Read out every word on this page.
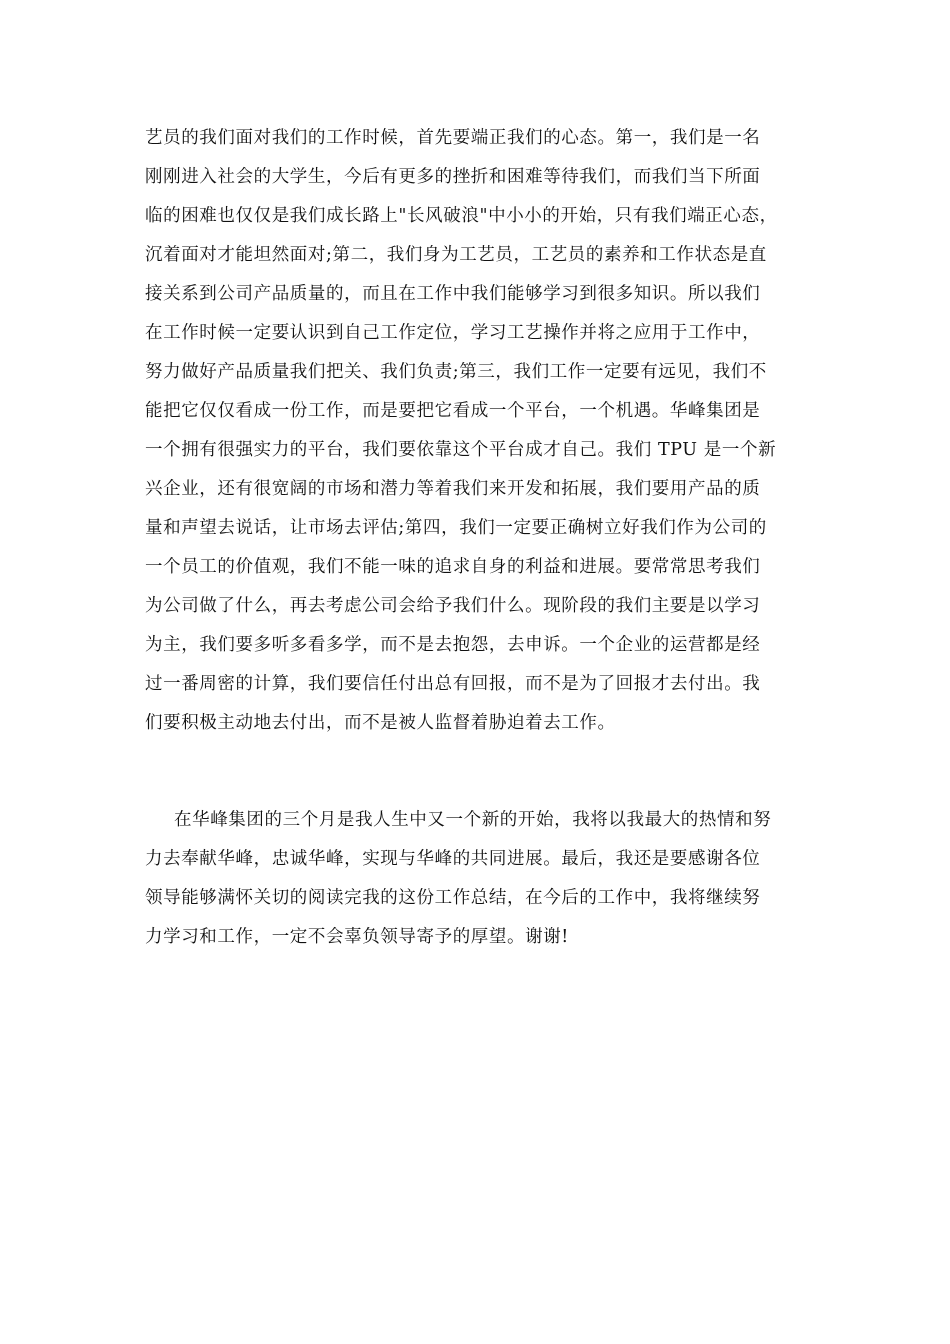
艺员的我们面对我们的工作时候，首先要端正我们的心态。第一，我们是一名
刚刚进入社会的大学生，今后有更多的挫折和困难等待我们，而我们当下所面
临的困难也仅仅是我们成长路上"长风破浪"中小小的开始，只有我们端正心态，
沉着面对才能坦然面对;第二，我们身为工艺员，工艺员的素养和工作状态是直
接关系到公司产品质量的，而且在工作中我们能够学习到很多知识。所以我们
在工作时候一定要认识到自己工作定位，学习工艺操作并将之应用于工作中，
努力做好产品质量我们把关、我们负责;第三，我们工作一定要有远见，我们不
能把它仅仅看成一份工作，而是要把它看成一个平台，一个机遇。华峰集团是
一个拥有很强实力的平台，我们要依靠这个平台成才自己。我们 TPU 是一个新
兴企业，还有很宽阔的市场和潜力等着我们来开发和拓展，我们要用产品的质
量和声望去说话，让市场去评估;第四，我们一定要正确树立好我们作为公司的
一个员工的价值观，我们不能一味的追求自身的利益和进展。要常常思考我们
为公司做了什么，再去考虑公司会给予我们什么。现阶段的我们主要是以学习
为主，我们要多听多看多学，而不是去抱怨，去申诉。一个企业的运营都是经
过一番周密的计算，我们要信任付出总有回报，而不是为了回报才去付出。我
们要积极主动地去付出，而不是被人监督着胁迫着去工作。
在华峰集团的三个月是我人生中又一个新的开始，我将以我最大的热情和努
力去奉献华峰，忠诚华峰，实现与华峰的共同进展。最后，我还是要感谢各位
领导能够满怀关切的阅读完我的这份工作总结，在今后的工作中，我将继续努
力学习和工作，一定不会辜负领导寄予的厚望。谢谢!
